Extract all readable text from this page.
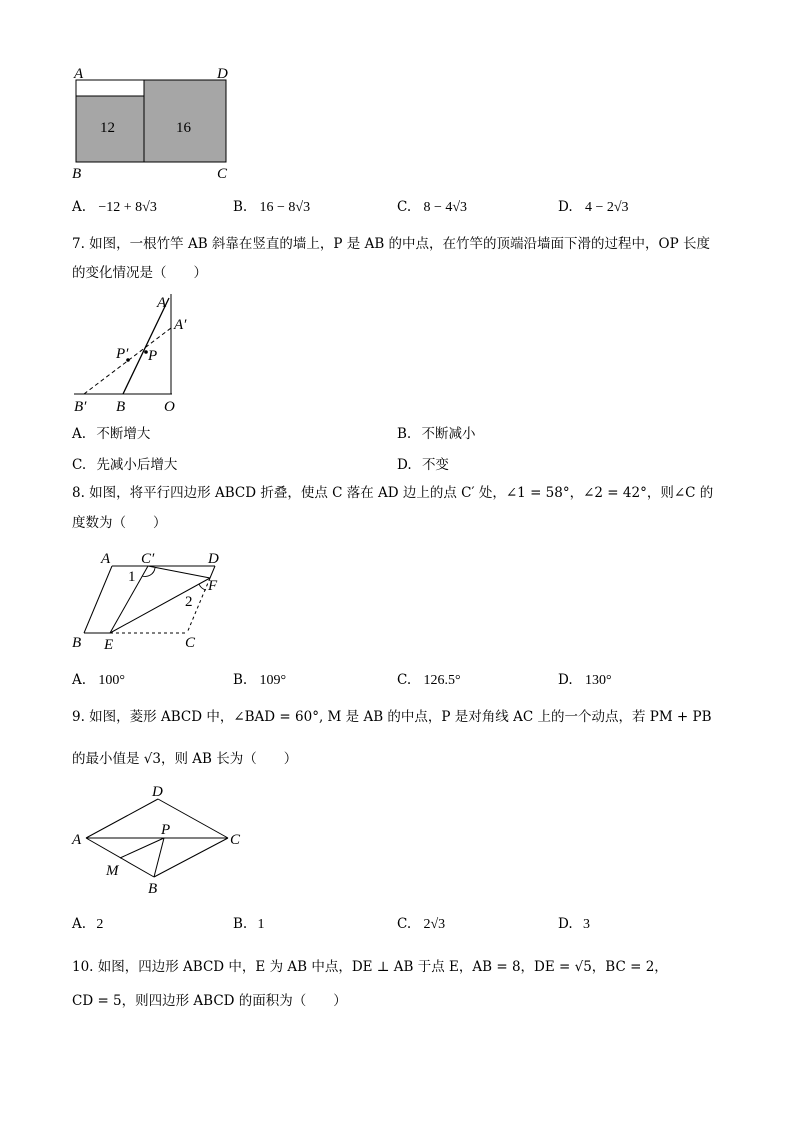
A	D
B	C
12	16
A. −12 + 8√3	B. 16 − 8√3	C. 8 − 4√3	D. 4 − 2√3
7. 如图，一根竹竿 AB 斜靠在竖直的墙上，P 是 AB 的中点，在竹竿的顶端沿墙面下滑的过程中，OP 长度
的变化情况是（　　）
A
A′
P′ P
B′ B	O
A. 不断增大	B. 不断减小
C. 先减小后增大	D. 不变
8. 如图，将平行四边形 ABCD 折叠，使点 C 落在 AD 边上的点 C′ 处，∠1 = 58°，∠2 = 42°，则∠C 的
度数为（　　）
A C′	D
1
F
2
B E	C
A. 100°	B. 109°	C. 126.5°	D. 130°
9. 如图，菱形 ABCD 中，∠BAD = 60°, M 是 AB 的中点，P 是对角线 AC 上的一个动点，若 PM + PB
的最小值是 √3，则 AB 长为（　　）
D
A
P
C
M
B
A. 2	B. 1	C. 2√3	D. 3
10. 如图，四边形 ABCD 中，E 为 AB 中点，DE ⊥ AB 于点 E，AB = 8，DE = √5，BC = 2，
CD = 5，则四边形 ABCD 的面积为（　　）
